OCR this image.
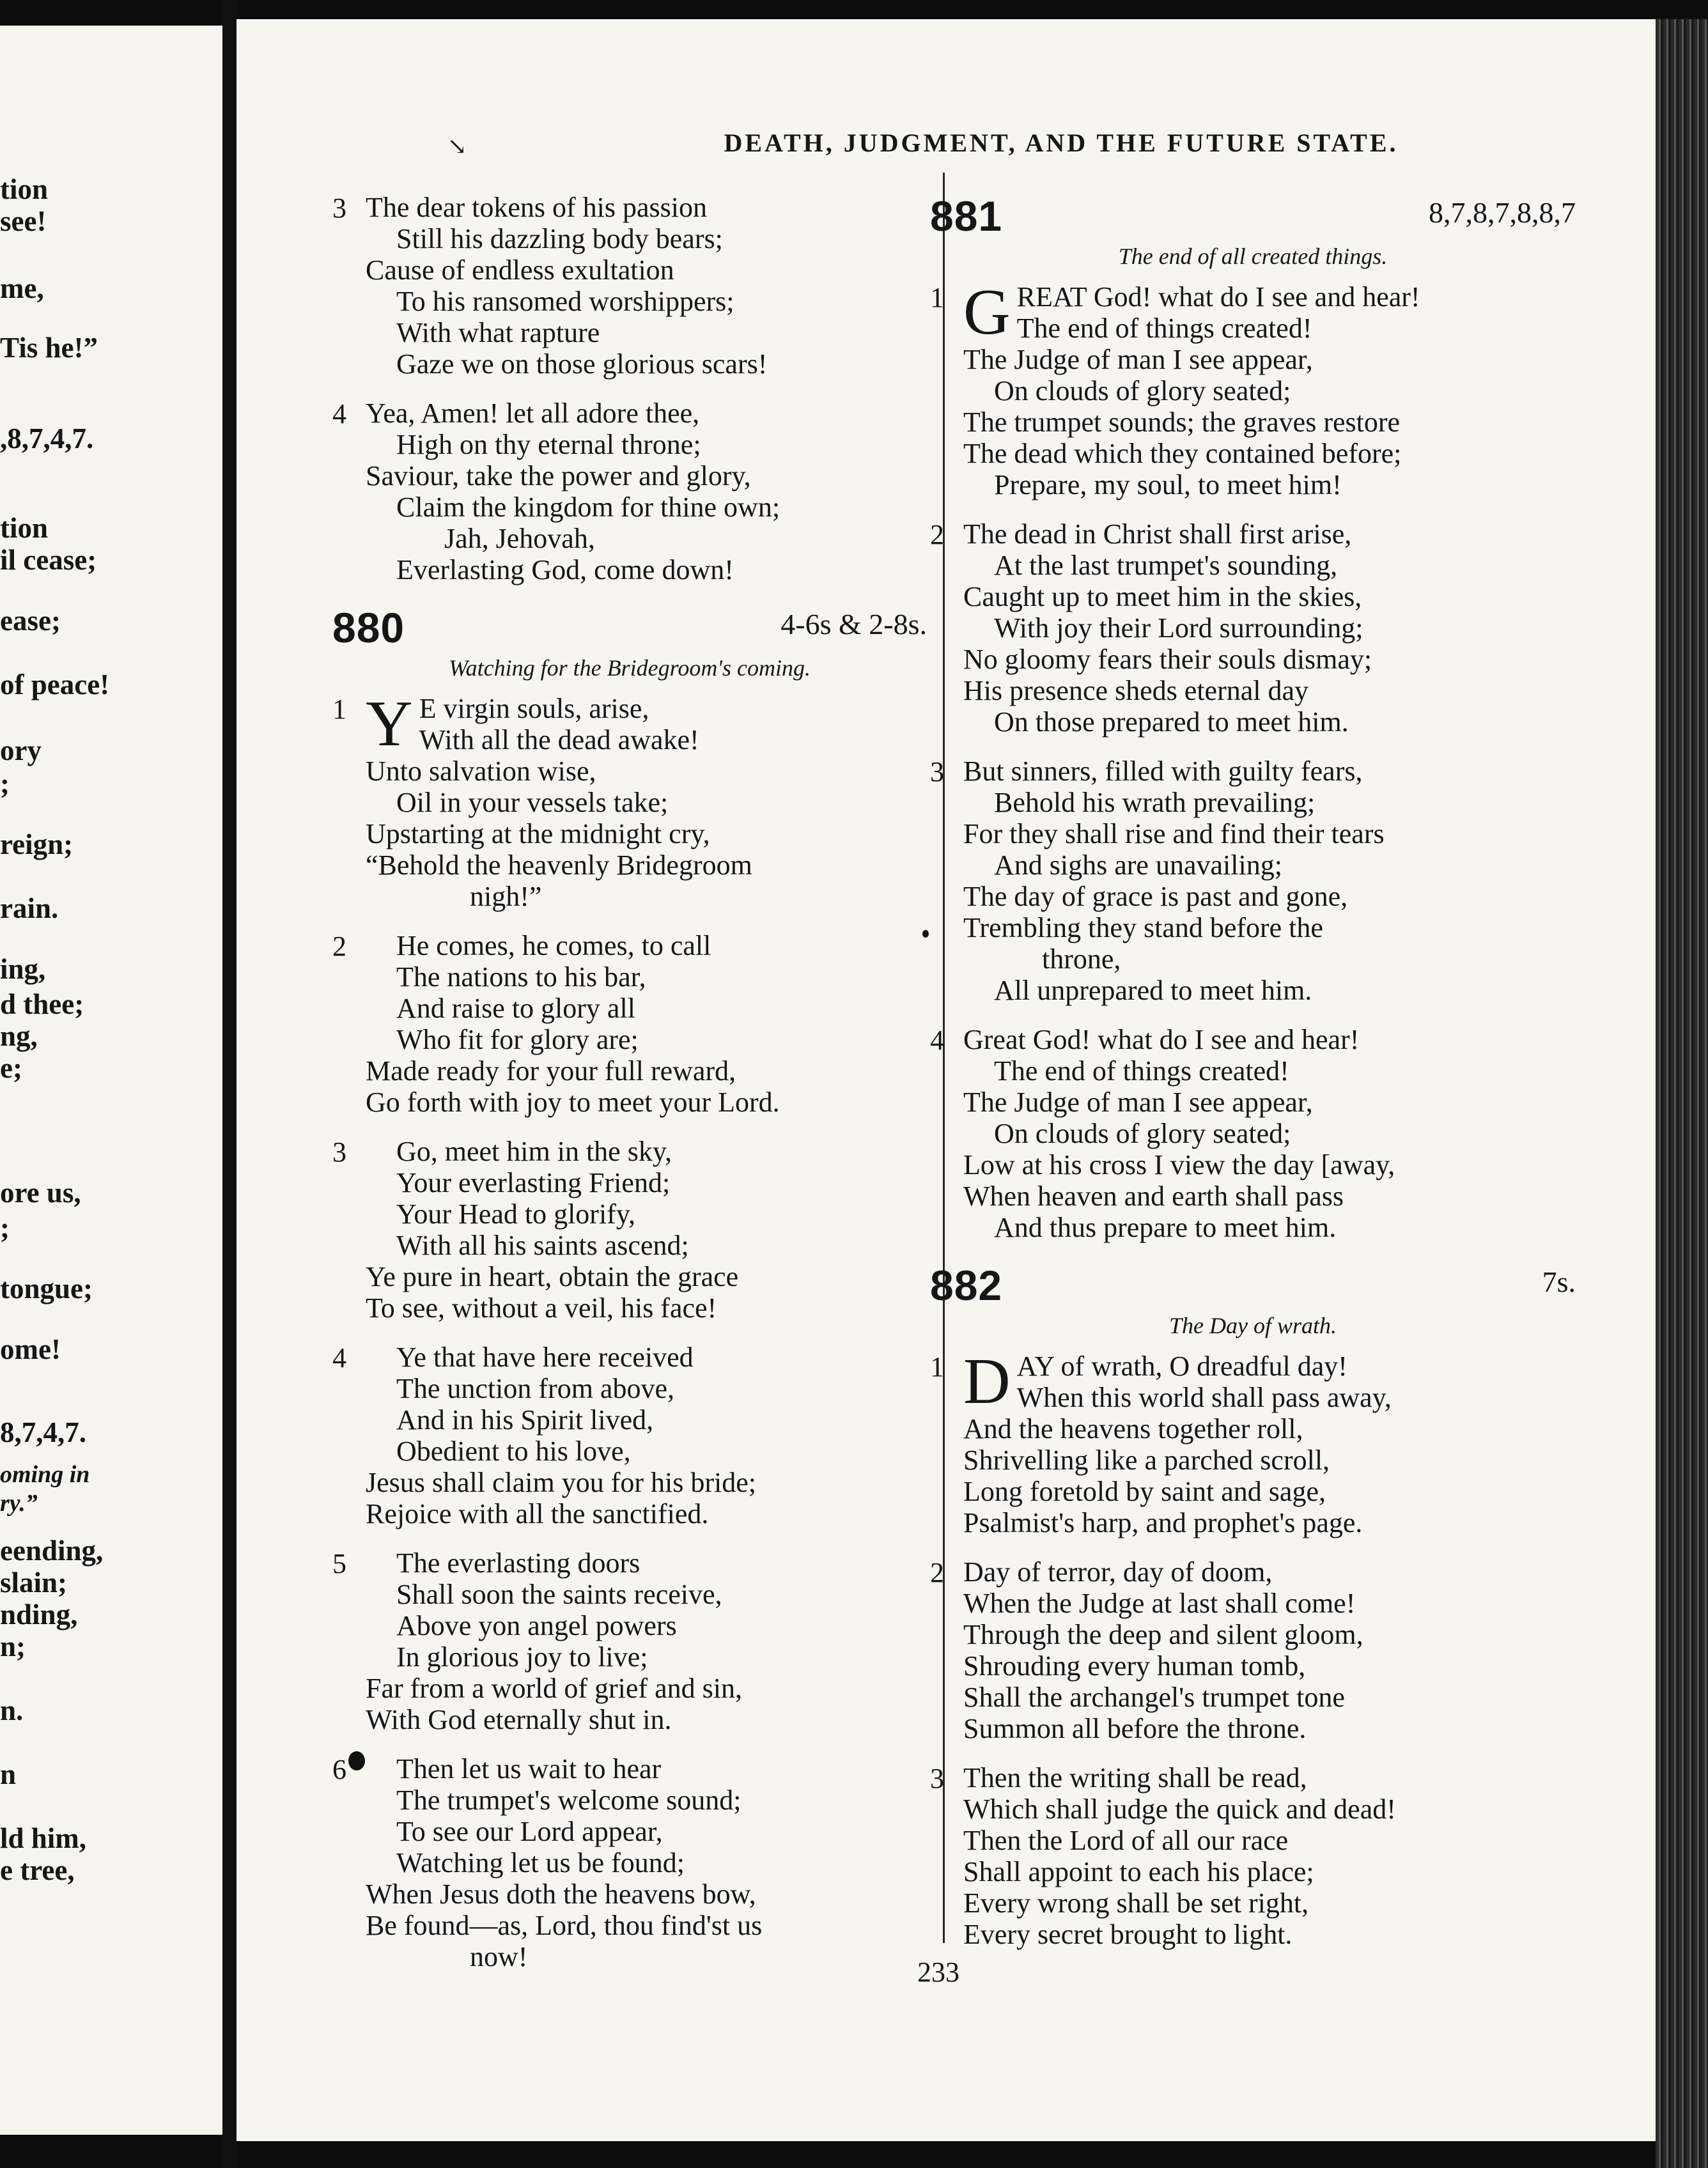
tion
see!
me,
Tis he!”
,8,7,4,7.
tion
il cease;
ease;
of peace!
ory
;
reign;
rain.
ing,
d thee;
ng,
e;
ore us,
;
tongue;
ome!
8,7,4,7.
oming in
ry.”
eending,
slain;
nding,
n;
n.
n
ld him,
e tree,
↘	DEATH, JUDGMENT, AND THE FUTURE STATE.
3 The dear tokens of his passion
Still his dazzling body bears;
Cause of endless exultation
To his ransomed worshippers;
With what rapture
Gaze we on those glorious scars!
4 Yea, Amen! let all adore thee,
High on thy eternal throne;
Saviour, take the power and glory,
Claim the kingdom for thine own;
Jah, Jehovah,
Everlasting God, come down!
880	4-6s & 2-8s.
Watching for the Bridegroom's coming.
1 Y E virgin souls, arise,
With all the dead awake!
Unto salvation wise,
Oil in your vessels take;
Upstarting at the midnight cry,
“Behold the heavenly Bridegroom
nigh!”
2	He comes, he comes, to call
The nations to his bar,
And raise to glory all
Who fit for glory are;
Made ready for your full reward,
Go forth with joy to meet your Lord.
3	Go, meet him in the sky,
Your everlasting Friend;
Your Head to glorify,
With all his saints ascend;
Ye pure in heart, obtain the grace
To see, without a veil, his face!
4	Ye that have here received
The unction from above,
And in his Spirit lived,
Obedient to his love,
Jesus shall claim you for his bride;
Rejoice with all the sanctified.
5	The everlasting doors
Shall soon the saints receive,
Above yon angel powers
In glorious joy to live;
Far from a world of grief and sin,
With God eternally shut in.
6	Then let us wait to hear
The trumpet's welcome sound;
To see our Lord appear,
Watching let us be found;
When Jesus doth the heavens bow,
Be found—as, Lord, thou find'st us
now!
881	8,7,8,7,8,8,7
The end of all created things.
1 G REAT God! what do I see and hear!
The end of things created!
The Judge of man I see appear,
On clouds of glory seated;
The trumpet sounds; the graves restore
The dead which they contained before;
Prepare, my soul, to meet him!
2 The dead in Christ shall first arise,
At the last trumpet's sounding,
Caught up to meet him in the skies,
With joy their Lord surrounding;
No gloomy fears their souls dismay;
His presence sheds eternal day
On those prepared to meet him.
3 But sinners, filled with guilty fears,
Behold his wrath prevailing;
For they shall rise and find their tears
And sighs are unavailing;
The day of grace is past and gone,
Trembling they stand before the
throne,
All unprepared to meet him.
4 Great God! what do I see and hear!
The end of things created!
The Judge of man I see appear,
On clouds of glory seated;
Low at his cross I view the day [away,
When heaven and earth shall pass
And thus prepare to meet him.
882	7s.
The Day of wrath.
1 D AY of wrath, O dreadful day!
When this world shall pass away,
And the heavens together roll,
Shrivelling like a parched scroll,
Long foretold by saint and sage,
Psalmist's harp, and prophet's page.
2 Day of terror, day of doom,
When the Judge at last shall come!
Through the deep and silent gloom,
Shrouding every human tomb,
Shall the archangel's trumpet tone
Summon all before the throne.
3 Then the writing shall be read,
Which shall judge the quick and dead!
Then the Lord of all our race
Shall appoint to each his place;
Every wrong shall be set right,
Every secret brought to light.
233
